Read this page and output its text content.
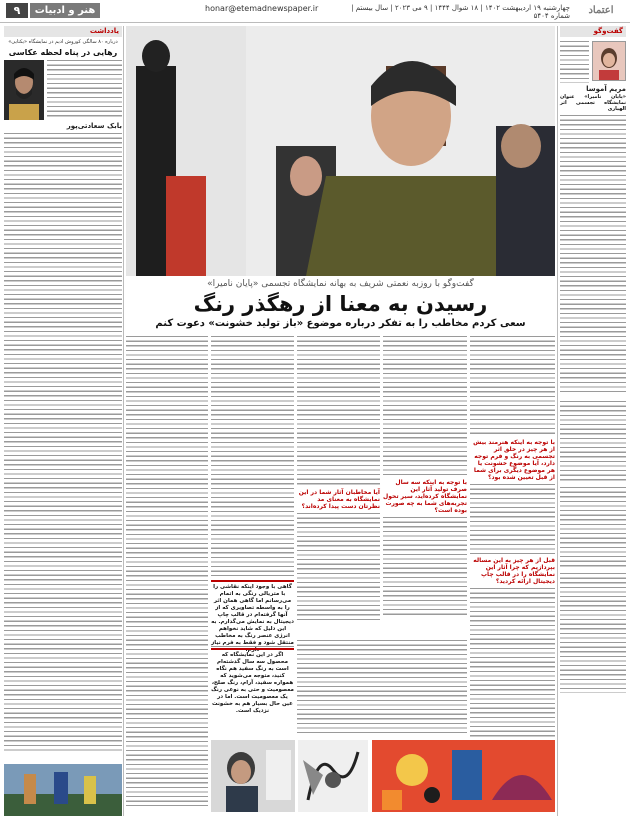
۹	هنر و ادبیات	honar@etemadnewspaper.ir	چهارشنبه ۱۹ اردیبهشت ۱۴۰۲ | ۱۸ شوال ۱۴۴۴ | ۹ می ۲۰۲۳ | سال بیستم | شماره ۵۴۰۴	اعتماد
گفت‌وگو
مریم آموسا
«پایان ناميرا» عنوان نمایشگاه تجسمی اثر الهیاری
یادداشت
درباره ۸۰ سالگی کوروش ادیم در نمایشگاه «یکتایی»
رهایی در پناه لحظه عکاسی
بابک سعادتی‌پور
گفت‌وگو با روزبه نعمتی شریف به بهانه نمایشگاه تجسمی «پایان ناميرا»
رسیدن به معنا از رهگذر رنگ
سعی کردم مخاطب را به تفکر درباره موضوع «باز تولید خشونت» دعوت کنم
با توجه به اینکه هنرمند بیش از هر چیز در خلق اثر تجسمی به رنگ و فرم توجه دارد، آیا موضوع خشونت یا هر موضوع دیگری برای شما از قبل تعیین شده بود؟
قبل از هر چیز به این مساله بپردازیم که چرا آثار این نمایشگاه را در قالب چاپ دیجیتال ارائه کردید؟
با توجه به اینکه سه سال صرف تولید آثار این نمایشگاه کرده‌اید، سیر تحول تجربه‌های شما به چه صورت بوده است؟
آیا مخاطبان آثار شما در این نمایشگاه به معنای مد نظرتان دست پیدا کرده‌اند؟
گاهی با وجود اینکه نقاشی را با متریالی رنگی به اتمام می‌رسانم اما گاهی همان اثر را به واسطه تصاویری که از آنها گرفته‌ام در قالب چاپ دیجیتال به نمایش می‌گذارم. به این دلیل که شاید نخواهم انرژی عنصر رنگ به مخاطب منتقل شود و فقط به فرم نیاز دارم.
اگر در این نمایشگاه که محصول سه سال گذشته‌ام است به رنگ سفید هم نگاه کنید، متوجه می‌شوید که همواره سفید، آرام، رنگ صلح، معصومیت و حتی به نوعی رنگ یک معصومیت است. اما در عین حال بسیار هم به خشونت نزدیک است.
